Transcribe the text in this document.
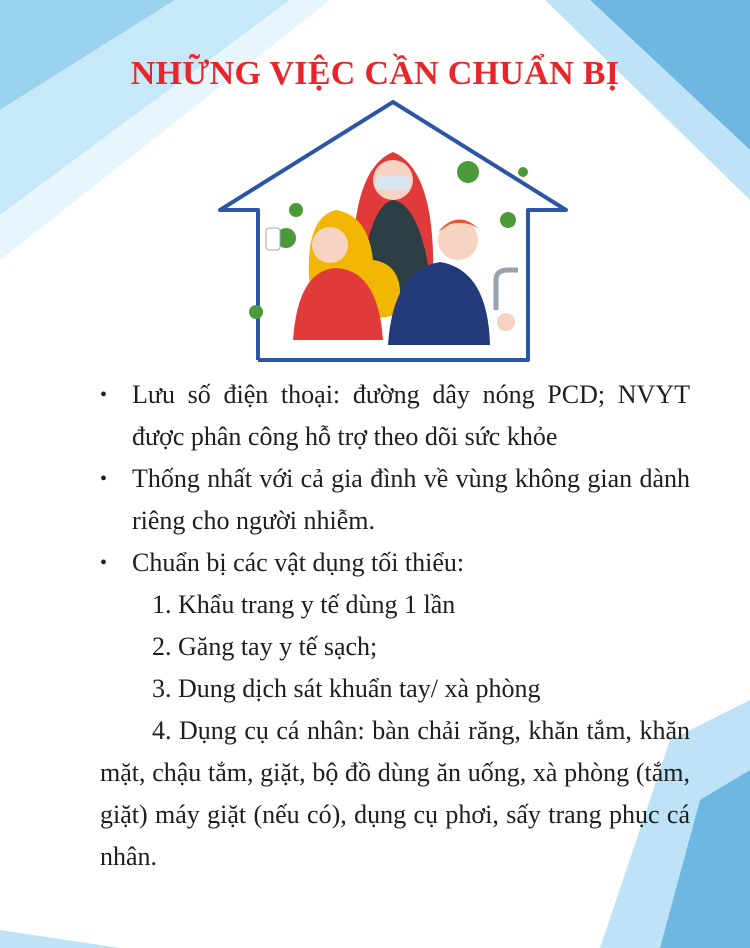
NHỮNG VIỆC CẦN CHUẨN BỊ
• Lưu số điện thoại: đường dây nóng PCD; NVYT được phân công hỗ trợ theo dõi sức khỏe
• Thống nhất với cả gia đình về vùng không gian dành riêng cho người nhiễm.
• Chuẩn bị các vật dụng tối thiểu:
1. Khẩu trang y tế dùng 1 lần
2. Găng tay y tế sạch;
3. Dung dịch sát khuẩn tay/ xà phòng
4. Dụng cụ cá nhân: bàn chải răng, khăn tắm, khăn mặt, chậu tắm, giặt, bộ đồ dùng ăn uống, xà phòng (tắm, giặt) máy giặt (nếu có), dụng cụ phơi, sấy trang phục cá nhân.
